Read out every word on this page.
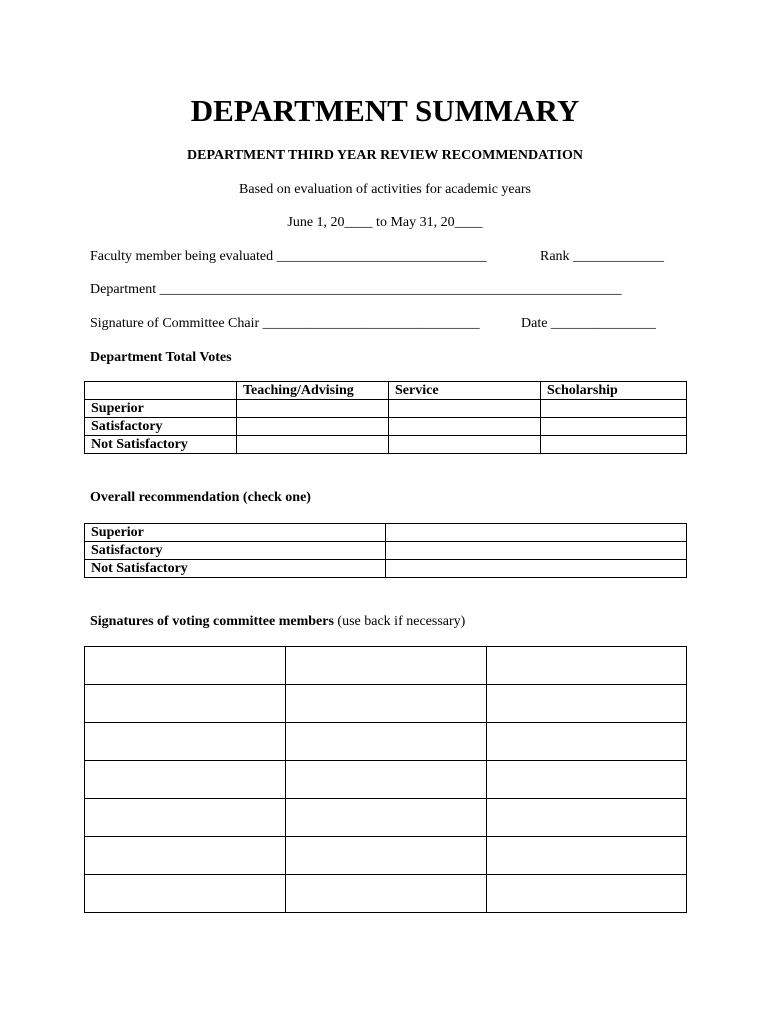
DEPARTMENT SUMMARY
DEPARTMENT THIRD YEAR REVIEW RECOMMENDATION
Based on evaluation of activities for academic years
June 1, 20____ to May 31, 20____
Faculty member being evaluated ______________________________	Rank _____________
Department __________________________________________________________________
Signature of Committee Chair _______________________________	Date _______________
Department Total Votes
	Teaching/Advising	Service	Scholarship
Superior			
Satisfactory			
Not Satisfactory			
Overall recommendation (check one)
Superior	
Satisfactory	
Not Satisfactory	
Signatures of voting committee members (use back if necessary)
